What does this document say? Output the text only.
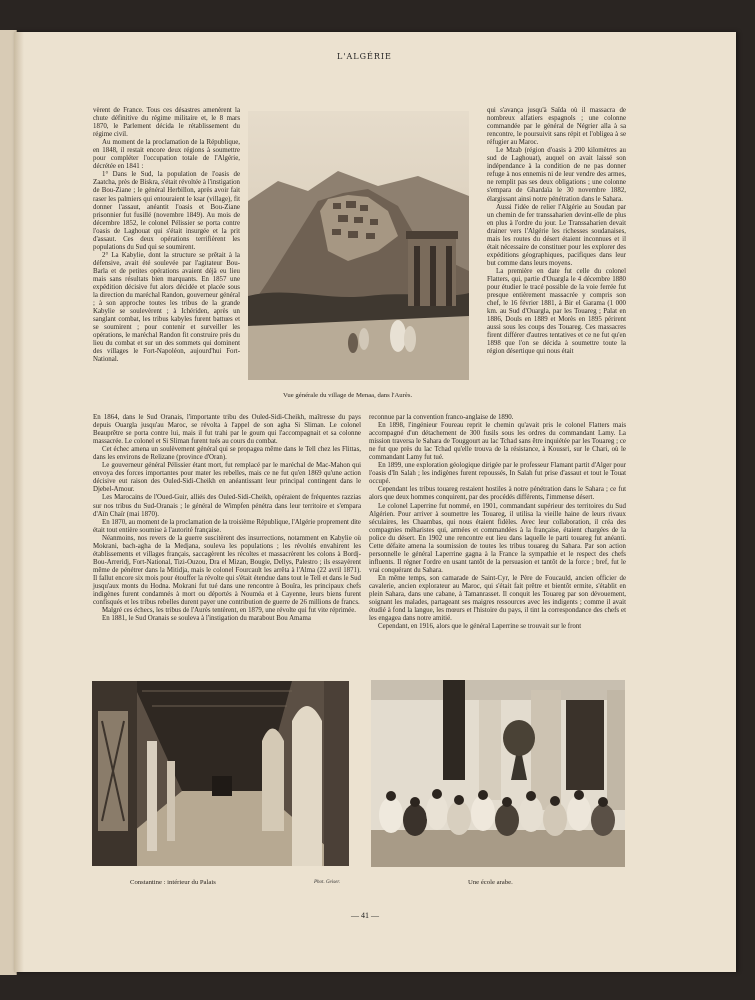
L'ALGÉRIE

vèrent de France. Tous ces désastres amenèrent la chute définitive du régime militaire et, le 8 mars 1870, le Parlement décida le rétablissement du régime civil.

Au moment de la proclamation de la République, en 1848, il restait encore deux régions à soumettre pour compléter l'occupation totale de l'Algérie, décrétée en 1841 :

1° Dans le Sud, la population de l'oasis de Zaatcha, près de Biskra, s'était révoltée à l'instigation de Bou-Ziane ; le général Herbillon, après avoir fait raser les palmiers qui entouraient le ksar (village), fit donner l'assaut, anéantit l'oasis et Bou-Ziane prisonnier fut fusillé (novembre 1849). Au mois de décembre 1852, le colonel Pélissier se porta contre l'oasis de Laghouat qui s'était insurgée et la prit d'assaut. Ces deux opérations terrifièrent les populations du Sud qui se soumirent.

2° La Kabylie, dont la structure se prêtait à la défensive, avait été soulevée par l'agitateur Bou-Barla et de petites opérations avaient déjà eu lieu mais sans résultats bien marquants. En 1857 une expédition décisive fut alors décidée et placée sous la direction du maréchal Randon, gouverneur général ; à son approche toutes les tribus de la grande Kabylie se soulevèrent ; à Ichériden, après un sanglant combat, les tribus kabyles furent battues et se soumirent ; pour contenir et surveiller les opérations, le maréchal Randon fit construire près du lieu du combat et sur un des sommets qui dominent des villages le Fort-Napoléon, aujourd'hui Fort-National.

Vue générale du village de Menaa, dans l'Aurès.

qui s'avança jusqu'à Saïda où il massacra de nombreux alfatiers espagnols ; une colonne commandée par le général de Négrier alla à sa rencontre, le poursuivit sans répit et l'obligea à se réfugier au Maroc.

Le Mzab (région d'oasis à 200 kilomètres au sud de Laghouat), auquel on avait laissé son indépendance à la condition de ne pas donner refuge à nos ennemis ni de leur vendre des armes, ne remplit pas ses deux obligations ; une colonne s'empara de Ghardaïa le 30 novembre 1882, élargissant ainsi notre pénétration dans le Sahara.

Aussi l'idée de relier l'Algérie au Soudan par un chemin de fer transsaharien devint-elle de plus en plus à l'ordre du jour. Le Transsaharien devait drainer vers l'Algérie les richesses soudanaises, mais les routes du désert étaient inconnues et il était nécessaire de constituer pour les explorer des expéditions géographiques, pacifiques dans leur but comme dans leurs moyens.

La première en date fut celle du colonel Flatters, qui, partie d'Ouargla le 4 décembre 1880 pour étudier le tracé possible de la voie ferrée fut presque entièrement massacrée y compris son chef, le 16 février 1881, à Bir el Garama (1 000 km. au Sud d'Ouargla, par les Touareg ; Palat en 1886, Douls en 1889 et Morès en 1895 périrent aussi sous les coups des Touareg. Ces massacres firent différer d'autres tentatives et ce ne fut qu'en 1898 que l'on se décida à soumettre toute la région désertique qui nous était

En 1864, dans le Sud Oranais, l'importante tribu des Ouled-Sidi-Cheikh, maîtresse du pays depuis Ouargla jusqu'au Maroc, se révolta à l'appel de son agha Si Sliman. Le colonel Beauprêtre se porta contre lui, mais il fut trahi par le goum qui l'accompagnait et sa colonne massacrée. Le colonel et Si Sliman furent tués au cours du combat.

Cet échec amena un soulèvement général qui se propagea même dans le Tell chez les Flittas, dans les environs de Relizane (province d'Oran).

Le gouverneur général Pélissier étant mort, fut remplacé par le maréchal de Mac-Mahon qui envoya des forces importantes pour mater les rebelles, mais ce ne fut qu'en 1869 qu'une action décisive eut raison des Ouled-Sidi-Cheikh en anéantissant leur principal contingent dans le Djebel-Amour.

Les Marocains de l'Oued-Guir, alliés des Ouled-Sidi-Cheikh, opéraient de fréquentes razzias sur nos tribus du Sud-Oranais ; le général de Wimpfen pénétra dans leur territoire et s'empara d'Aïn Chaïr (mai 1870).

En 1870, au moment de la proclamation de la troisième République, l'Algérie proprement dite était tout entière soumise à l'autorité française.

Néanmoins, nos revers de la guerre suscitèrent des insurrections, notamment en Kabylie où Mokrani, bach-agha de la Medjana, souleva les populations ; les révoltés envahirent les établissements et villages français, saccagèrent les récoltes et massacrèrent les colons à Bordj-Bou-Arreridj, Fort-National, Tizi-Ouzou, Dra el Mizan, Bougie, Dellys, Palestro ; ils essayèrent même de pénétrer dans la Mitidja, mais le colonel Fourcault les arrêta à l'Alma (22 avril 1871). Il fallut encore six mois pour étouffer la révolte qui s'était étendue dans tout le Tell et dans le Sud jusqu'aux monts du Hodna. Mokrani fut tué dans une rencontre à Bouïra, les principaux chefs indigènes furent condamnés à mort ou déportés à Nouméa et à Cayenne, leurs biens furent confisqués et les tribus rebelles durent payer une contribution de guerre de 26 millions de francs.

Malgré ces échecs, les tribus de l'Aurès tentèrent, en 1879, une révolte qui fut vite réprimée.

En 1881, le Sud Oranais se souleva à l'instigation du marabout Bou Amama

reconnue par la convention franco-anglaise de 1890.

En 1898, l'ingénieur Foureau reprit le chemin qu'avait pris le colonel Flatters mais accompagné d'un détachement de 300 fusils sous les ordres du commandant Lamy. La mission traversa le Sahara de Touggourt au lac Tchad sans être inquiétée par les Touareg ; ce ne fut que près du lac Tchad qu'elle trouva de la résistance, à Koussri, sur le Chari, où le commandant Lamy fut tué.

En 1899, une exploration géologique dirigée par le professeur Flamant partit d'Alger pour l'oasis d'In Salah ; les indigènes furent repoussés, In Salah fut prise d'assaut et tout le Touat occupé.

Cependant les tribus touareg restaient hostiles à notre pénétration dans le Sahara ; ce fut alors que deux hommes conquirent, par des procédés différents, l'immense désert.

Le colonel Laperrine fut nommé, en 1901, commandant supérieur des territoires du Sud Algérien. Pour arriver à soumettre les Touareg, il utilisa la vieille haine de leurs rivaux séculaires, les Chaambas, qui nous étaient fidèles. Avec leur collaboration, il créa des compagnies méharistes qui, armées et commandées à la française, étaient chargées de la police du désert. En 1902 une rencontre eut lieu dans laquelle le parti touareg fut anéanti. Cette défaite amena la soumission de toutes les tribus touareg du Sahara. Par son action personnelle le général Laperrine gagna à la France la sympathie et le respect des chefs influents. Il régner l'ordre en usant tantôt de la persuasion et tantôt de la force ; bref, fut le vrai conquérant du Sahara.

En même temps, son camarade de Saint-Cyr, le Père de Foucauld, ancien officier de cavalerie, ancien explorateur au Maroc, qui s'était fait prêtre et bientôt ermite, s'établit en plein Sahara, dans une cabane, à Tamanrasset. Il conquit les Touareg par son dévouement, soignant les malades, partageant ses maigres ressources avec les indigents ; comme il avait étudié à fond la langue, les mœurs et l'histoire du pays, il tint la correspondance des chefs et les engagea dans notre amitié.

Cependant, en 1916, alors que le général Laperrine se trouvait sur le front

Constantine : intérieur du Palais	Phot. Geiser.	Une école arabe.
— 41 —
